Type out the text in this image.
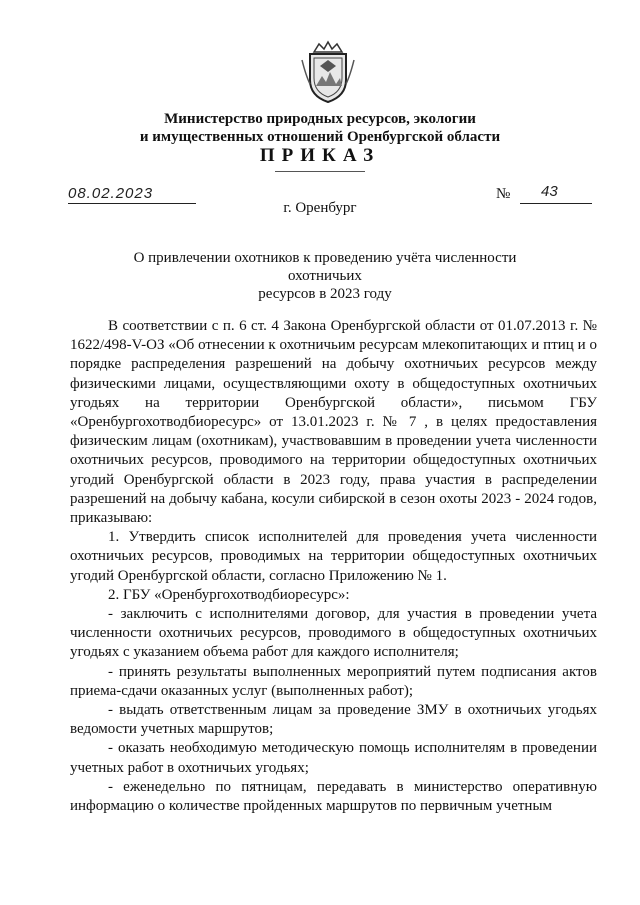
Министерство природных ресурсов, экологии
и имущественных отношений Оренбургской области
ПРИКАЗ
08.02.2023	№ 43
г. Оренбург
О привлечении охотников к проведению учёта численности охотничьих
ресурсов в 2023 году

В соответствии с п. 6 ст. 4 Закона Оренбургской области от 01.07.2013 г. № 1622/498-V-ОЗ «Об отнесении к охотничьим ресурсам млекопитающих и птиц и о порядке распределения разрешений на добычу охотничьих ресурсов между физическими лицами, осуществляющими охоту в общедоступных охотничьих угодьях на территории Оренбургской области», письмом ГБУ «Оренбургохотводбиоресурс» от 13.01.2023 г. № 7 , в целях предоставления физическим лицам (охотникам), участвовавшим в проведении учета численности охотничьих ресурсов, проводимого на территории общедоступных охотничьих угодий Оренбургской области в 2023 году, права участия в распределении разрешений на добычу кабана, косули сибирской в сезон охоты 2023 - 2024 годов, приказываю:

1. Утвердить список исполнителей для проведения учета численности охотничьих ресурсов, проводимых на территории общедоступных охотничьих угодий Оренбургской области, согласно Приложению № 1.

2. ГБУ «Оренбургохотводбиоресурс»:

- заключить с исполнителями договор, для участия в проведении учета численности охотничьих ресурсов, проводимого в общедоступных охотничьих угодьях с указанием объема работ для каждого исполнителя;

- принять результаты выполненных мероприятий путем подписания актов приема-сдачи оказанных услуг (выполненных работ);

- выдать ответственным лицам за проведение ЗМУ в охотничьих угодьях ведомости учетных маршрутов;

- оказать необходимую методическую помощь исполнителям в проведении учетных работ в охотничьих угодьях;

- еженедельно по пятницам, передавать в министерство оперативную информацию о количестве пройденных маршрутов по первичным учетным
